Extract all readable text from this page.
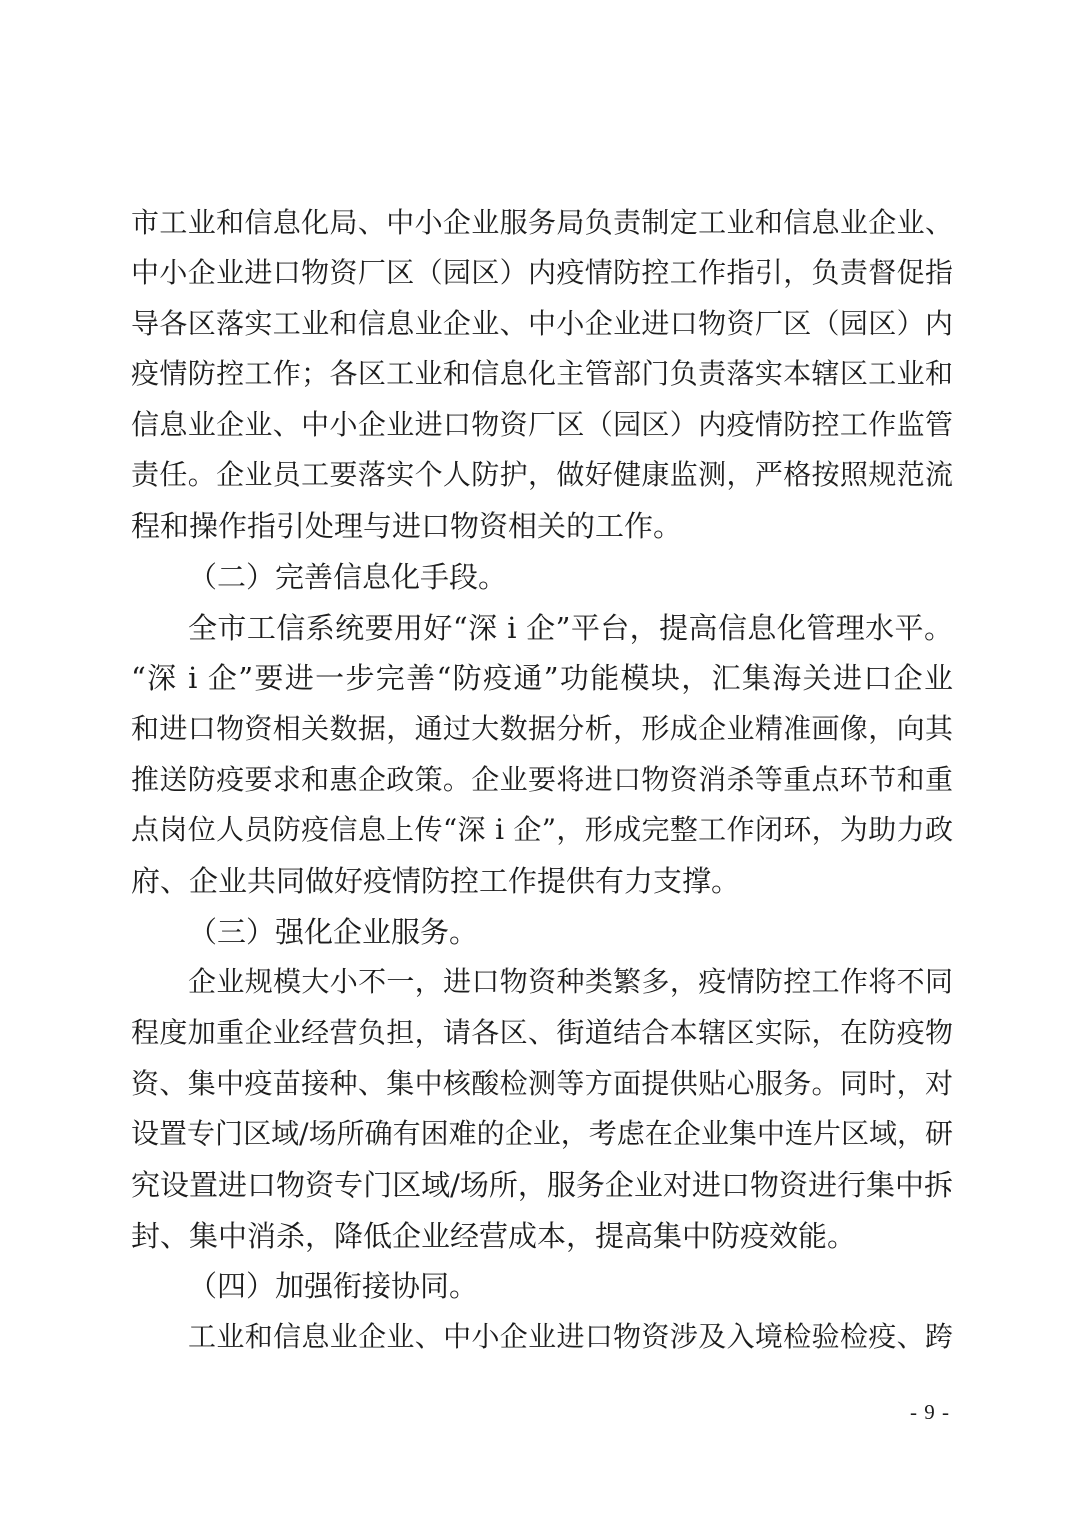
市工业和信息化局、中小企业服务局负责制定工业和信息业企业、
中小企业进口物资厂区（园区）内疫情防控工作指引，负责督促指
导各区落实工业和信息业企业、中小企业进口物资厂区（园区）内
疫情防控工作；各区工业和信息化主管部门负责落实本辖区工业和
信息业企业、中小企业进口物资厂区（园区）内疫情防控工作监管
责任。企业员工要落实个人防护，做好健康监测，严格按照规范流
程和操作指引处理与进口物资相关的工作。
（二）完善信息化手段。
全市工信系统要用好“深 i 企”平台，提高信息化管理水平。
“深 i 企”要进一步完善“防疫通”功能模块，汇集海关进口企业
和进口物资相关数据，通过大数据分析，形成企业精准画像，向其
推送防疫要求和惠企政策。企业要将进口物资消杀等重点环节和重
点岗位人员防疫信息上传“深 i 企”，形成完整工作闭环，为助力政
府、企业共同做好疫情防控工作提供有力支撑。
（三）强化企业服务。
企业规模大小不一，进口物资种类繁多，疫情防控工作将不同
程度加重企业经营负担，请各区、街道结合本辖区实际，在防疫物
资、集中疫苗接种、集中核酸检测等方面提供贴心服务。同时，对
设置专门区域/场所确有困难的企业，考虑在企业集中连片区域，研
究设置进口物资专门区域/场所，服务企业对进口物资进行集中拆
封、集中消杀，降低企业经营成本，提高集中防疫效能。
（四）加强衔接协同。
工业和信息业企业、中小企业进口物资涉及入境检验检疫、跨
- 9 -
